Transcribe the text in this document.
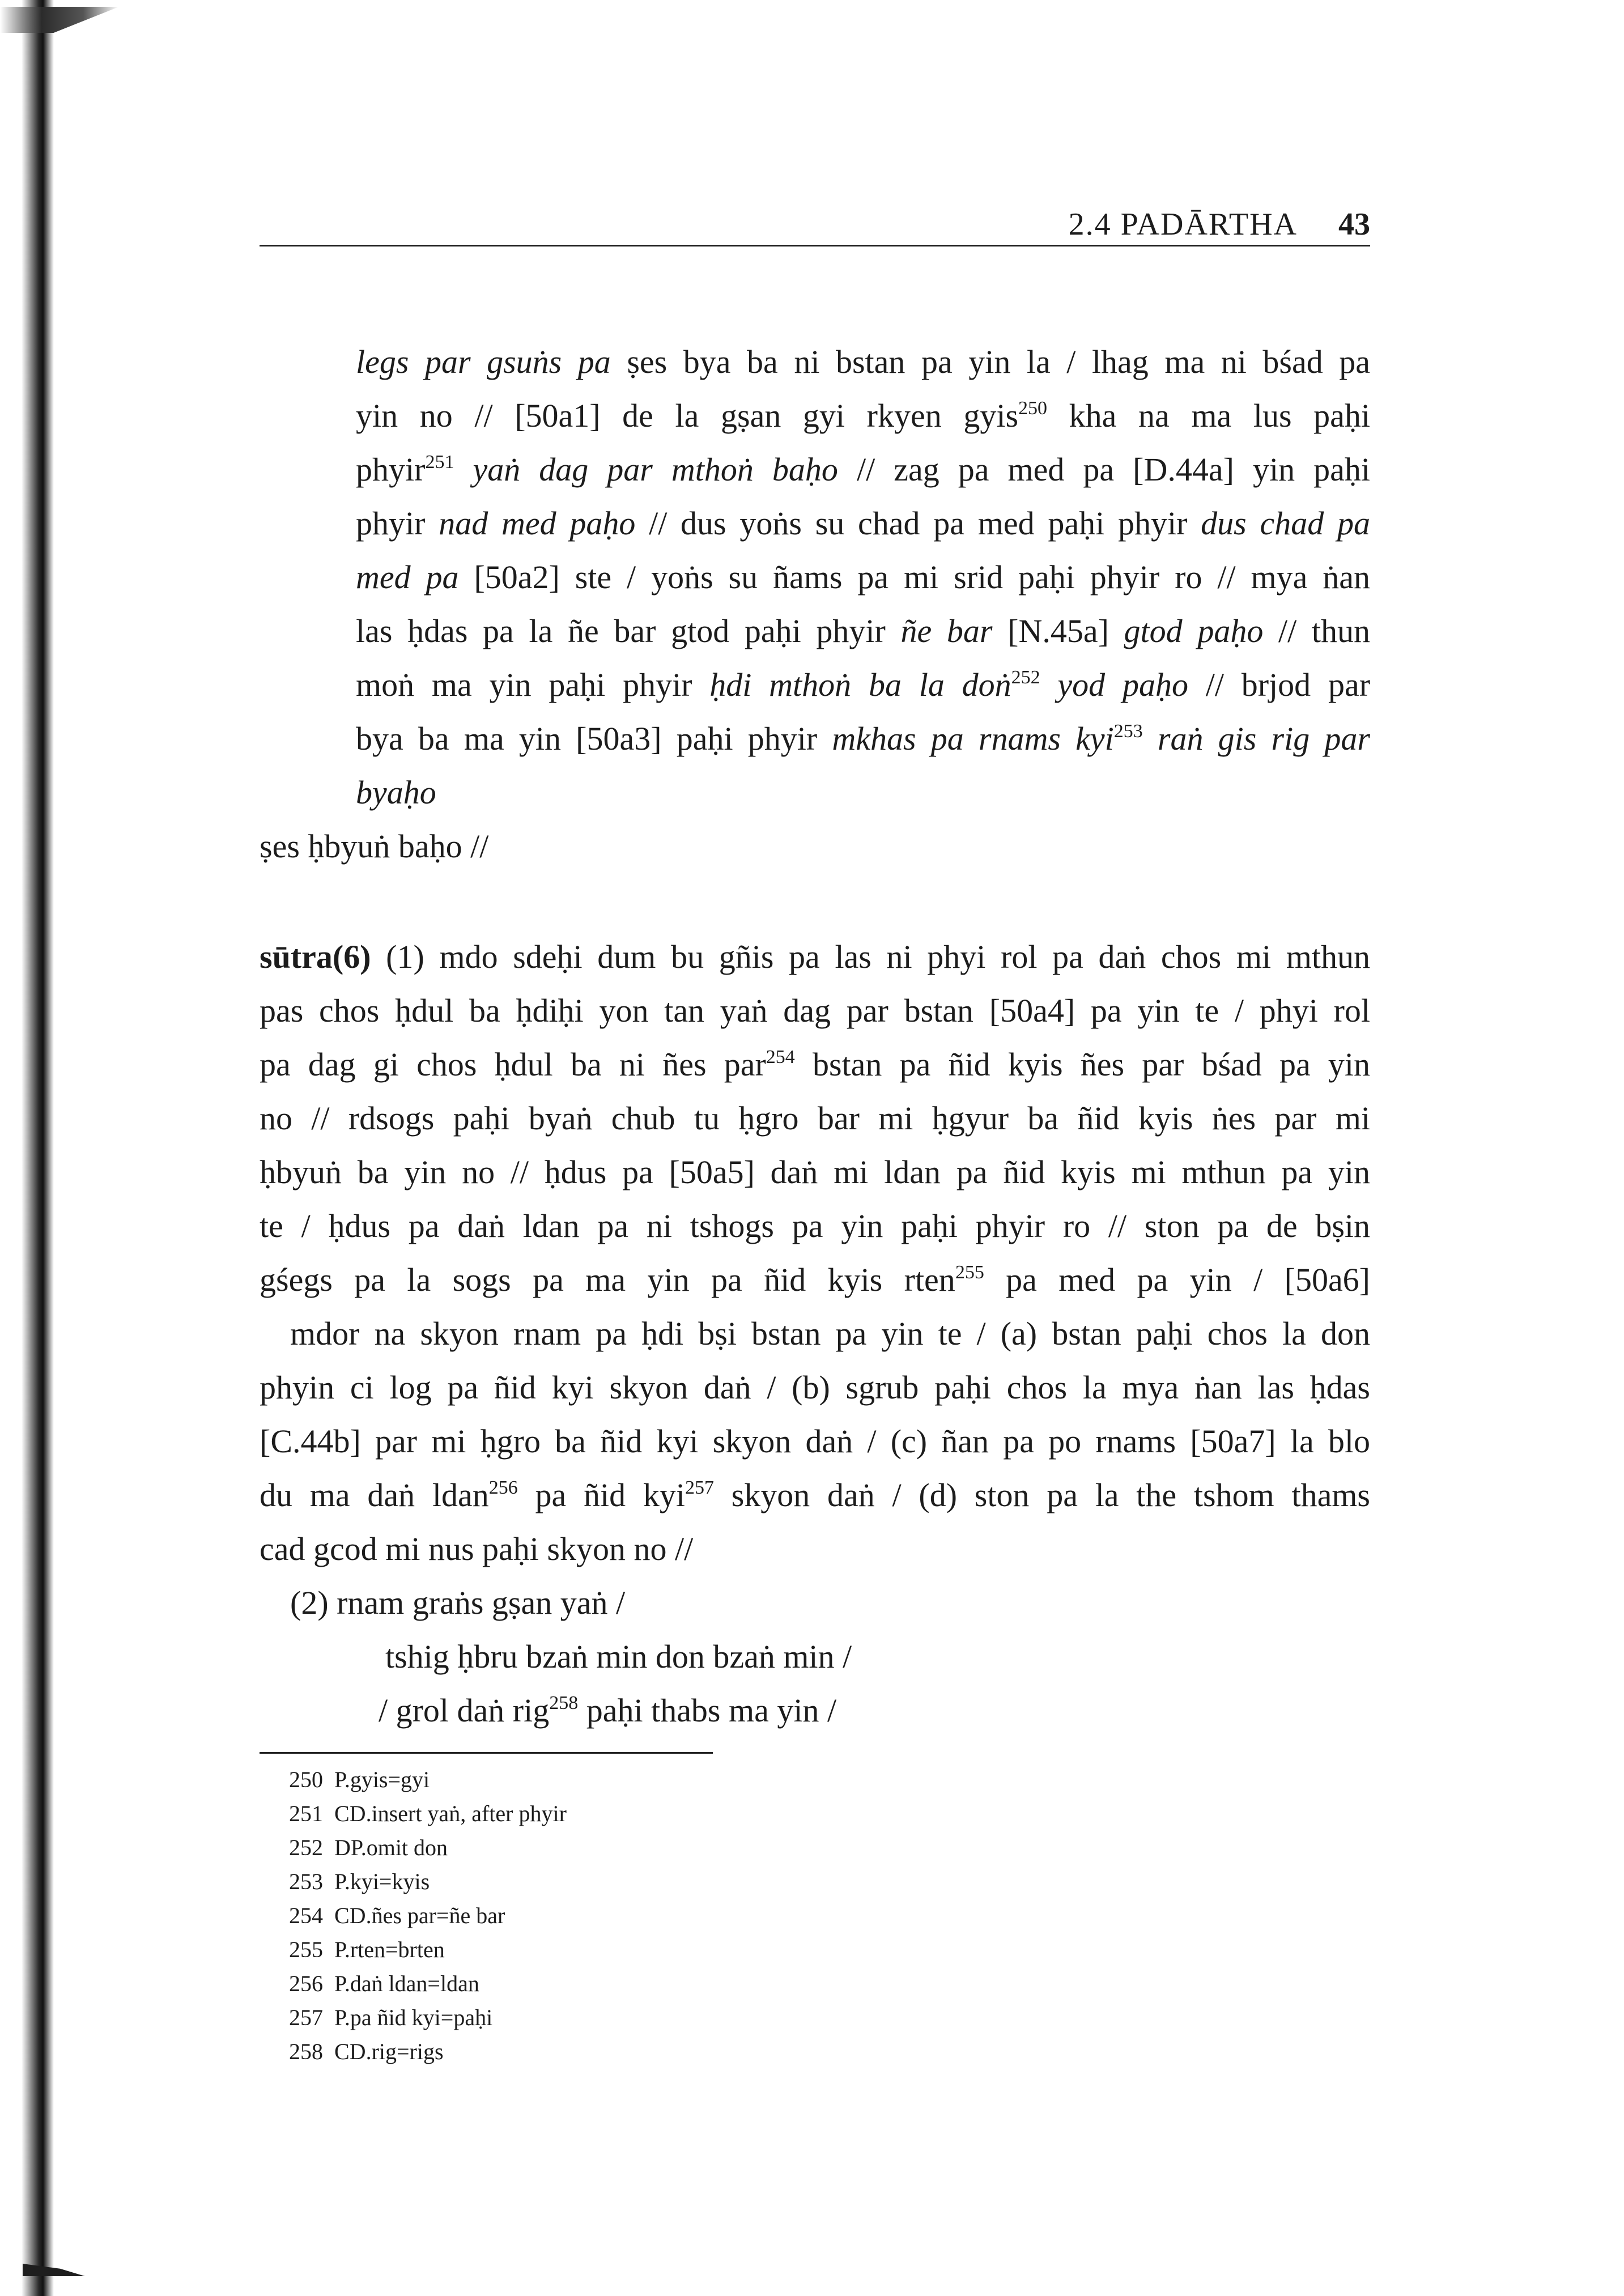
2.4 PADĀRTHA 43
legs par gsuṅs pa ṣes bya ba ni bstan pa yin la / lhag ma ni bśad pa
yin no // [50a1] de la gṣan gyi rkyen gyis$^{250}$ kha na ma lus paḥi
phyir$^{251}$ yaṅ dag par mthoṅ baḥo // zag pa med pa [D.44a] yin paḥi
phyir nad med paḥo // dus yoṅs su chad pa med paḥi phyir dus chad pa
med pa [50a2] ste / yoṅs su ñams pa mi srid paḥi phyir ro // mya ṅan
las ḥdas pa la ñe bar gtod paḥi phyir ñe bar [N.45a] gtod paḥo // thun
moṅ ma yin paḥi phyir ḥdi mthoṅ ba la doṅ$^{252}$ yod paḥo // brjod par
bya ba ma yin [50a3] paḥi phyir mkhas pa rnams kyi$^{253}$ raṅ gis rig par
byaḥo
ṣes ḥbyuṅ baḥo //
sūtra(6) (1) mdo sdeḥi dum bu gñis pa las ni phyi rol pa daṅ chos mi mthun
pas chos ḥdul ba ḥdiḥi yon tan yaṅ dag par bstan [50a4] pa yin te / phyi rol
pa dag gi chos ḥdul ba ni ñes par$^{254}$ bstan pa ñid kyis ñes par bśad pa yin
no // rdsogs paḥi byaṅ chub tu ḥgro bar mi ḥgyur ba ñid kyis ṅes par mi
ḥbyuṅ ba yin no // ḥdus pa [50a5] daṅ mi ldan pa ñid kyis mi mthun pa yin
te / ḥdus pa daṅ ldan pa ni tshogs pa yin paḥi phyir ro // ston pa de bṣin
gśegs pa la sogs pa ma yin pa ñid kyis rten$^{255}$ pa med pa yin / [50a6]
mdor na skyon rnam pa ḥdi bṣi bstan pa yin te / (a) bstan paḥi chos la don
phyin ci log pa ñid kyi skyon daṅ / (b) sgrub paḥi chos la mya ṅan las ḥdas
[C.44b] par mi ḥgro ba ñid kyi skyon daṅ / (c) ñan pa po rnams [50a7] la blo
du ma daṅ ldan$^{256}$ pa ñid kyi$^{257}$ skyon daṅ / (d) ston pa la the tshom thams
cad gcod mi nus paḥi skyon no //
(2) rnam graṅs gṣan yaṅ /
tshig ḥbru bzaṅ min don bzaṅ min /
/ grol daṅ rig$^{258}$ paḥi thabs ma yin /
250 P.gyis=gyi
251 CD.insert yaṅ, after phyir
252 DP.omit don
253 P.kyi=kyis
254 CD.ñes par=ñe bar
255 P.rten=brten
256 P.daṅ ldan=ldan
257 P.pa ñid kyi=paḥi
258 CD.rig=rigs
